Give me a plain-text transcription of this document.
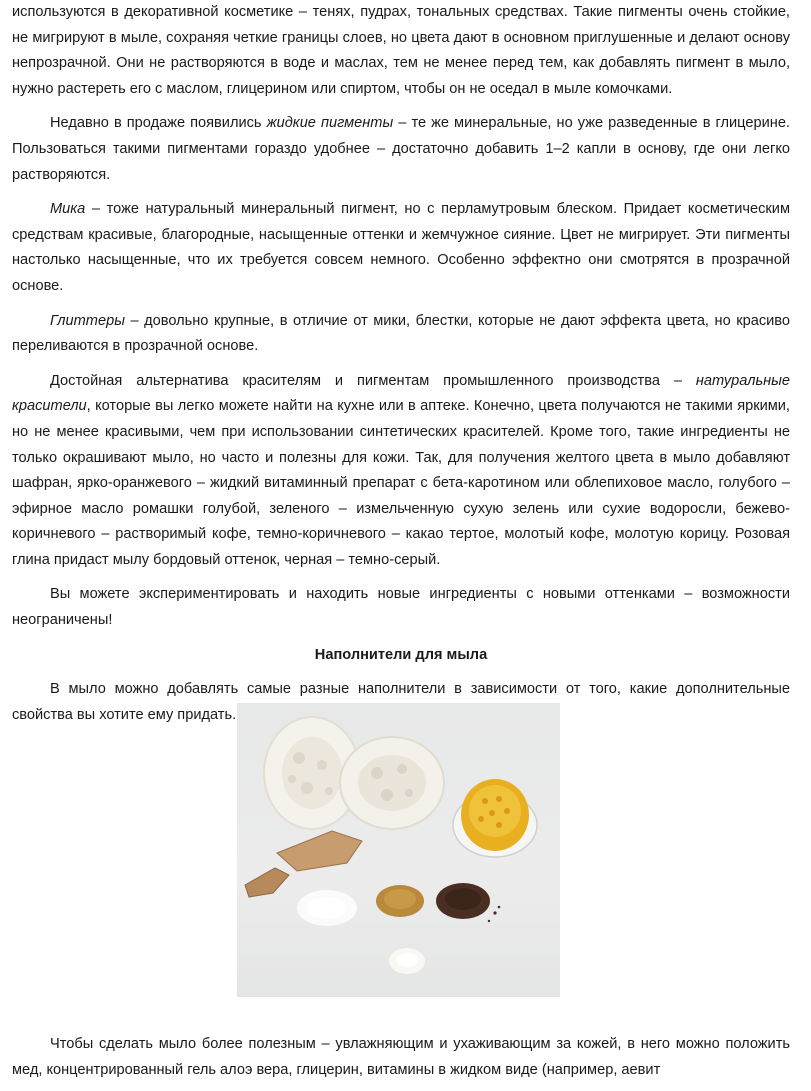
используются в декоративной косметике – тенях, пудрах, тональных средствах. Такие пигменты очень стойкие, не мигрируют в мыле, сохраняя четкие границы слоев, но цвета дают в основном приглушенные и делают основу непрозрачной. Они не растворяются в воде и маслах, тем не менее перед тем, как добавлять пигмент в мыло, нужно растереть его с маслом, глицерином или спиртом, чтобы он не оседал в мыле комочками.

Недавно в продаже появились жидкие пигменты – те же минеральные, но уже разведенные в глицерине. Пользоваться такими пигментами гораздо удобнее – достаточно добавить 1–2 капли в основу, где они легко растворяются.

Мика – тоже натуральный минеральный пигмент, но с перламутровым блеском. Придает косметическим средствам красивые, благородные, насыщенные оттенки и жемчужное сияние. Цвет не мигрирует. Эти пигменты настолько насыщенные, что их требуется совсем немного. Особенно эффектно они смотрятся в прозрачной основе.

Глиттеры – довольно крупные, в отличие от мики, блестки, которые не дают эффекта цвета, но красиво переливаются в прозрачной основе.

Достойная альтернатива красителям и пигментам промышленного производства – натуральные красители, которые вы легко можете найти на кухне или в аптеке. Конечно, цвета получаются не такими яркими, но не менее красивыми, чем при использовании синтетических красителей. Кроме того, такие ингредиенты не только окрашивают мыло, но часто и полезны для кожи. Так, для получения желтого цвета в мыло добавляют шафран, ярко-оранжевого – жидкий витаминный препарат с бета-каротином или облепиховое масло, голубого – эфирное масло ромашки голубой, зеленого – измельченную сухую зелень или сухие водоросли, бежево-коричневого – растворимый кофе, темно-коричневого – какао тертое, молотый кофе, молотую корицу. Розовая глина придаст мылу бордовый оттенок, черная – темно-серый.

Вы можете экспериментировать и находить новые ингредиенты с новыми оттенками – возможности неограничены!

Наполнители для мыла

В мыло можно добавлять самые разные наполнители в зависимости от того, какие дополнительные свойства вы хотите ему придать.

Чтобы сделать мыло более полезным – увлажняющим и ухаживающим за кожей, в него можно положить мед, концентрированный гель алоэ вера, глицерин, витамины в жидком виде (например, аевит
